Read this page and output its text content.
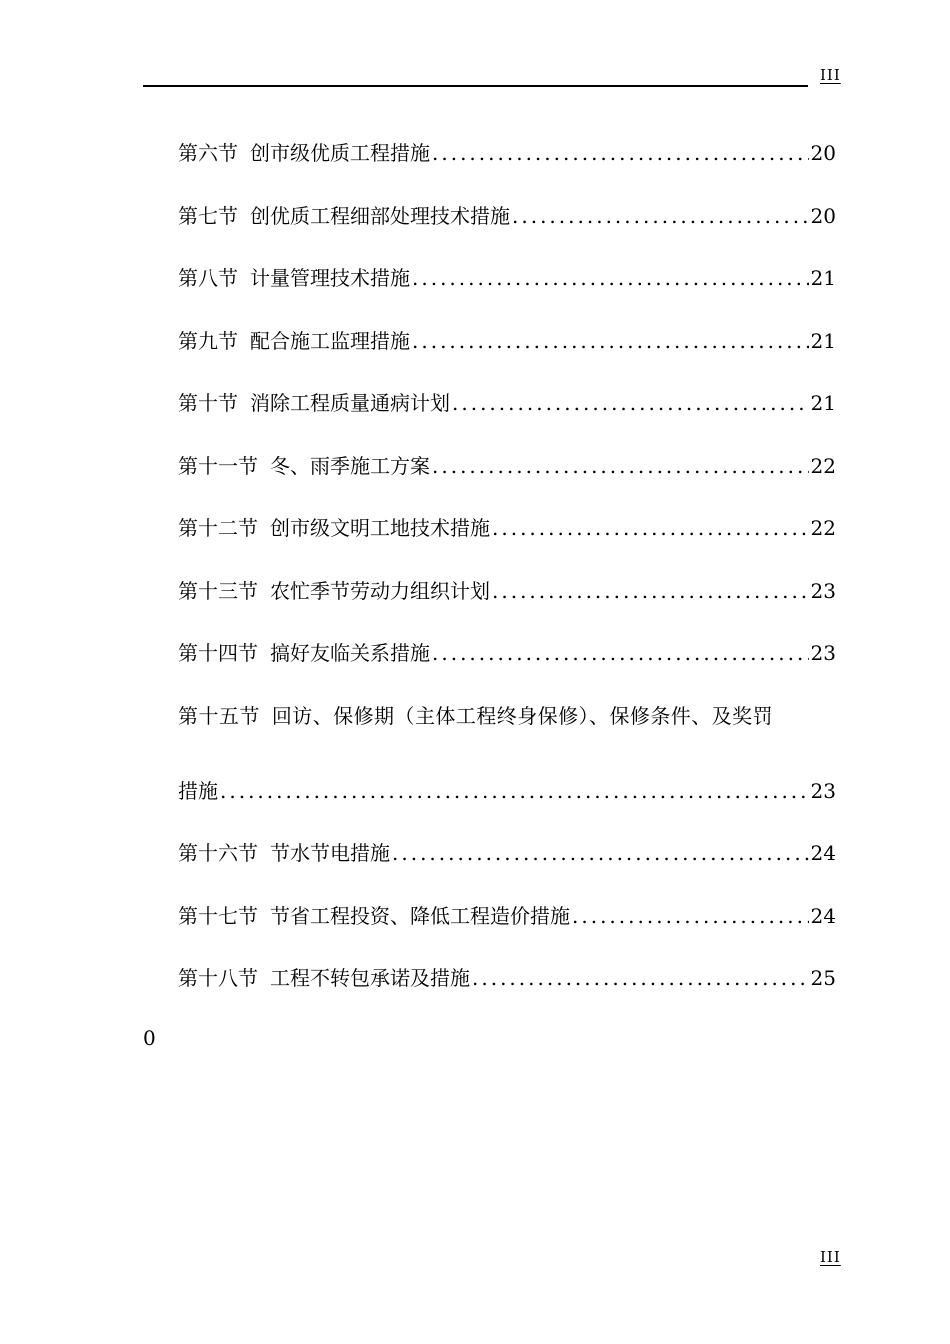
III
第六节 创市级优质工程措施 .....	20
第七节 创优质工程细部处理技术措施 .....	20
第八节 计量管理技术措施 .....	21
第九节 配合施工监理措施 .....	21
第十节 消除工程质量通病计划 .....	21
第十一节 冬、雨季施工方案 .....	22
第十二节 创市级文明工地技术措施 .....	22
第十三节 农忙季节劳动力组织计划 .....	23
第十四节 搞好友临关系措施 .....	23
第十五节 回访、保修期（主体工程终身保修）、保修条件、及奖罚
措施 .....	23
第十六节 节水节电措施 .....	24
第十七节 节省工程投资、降低工程造价措施 .....	24
第十八节 工程不转包承诺及措施 .....	25
0
III
